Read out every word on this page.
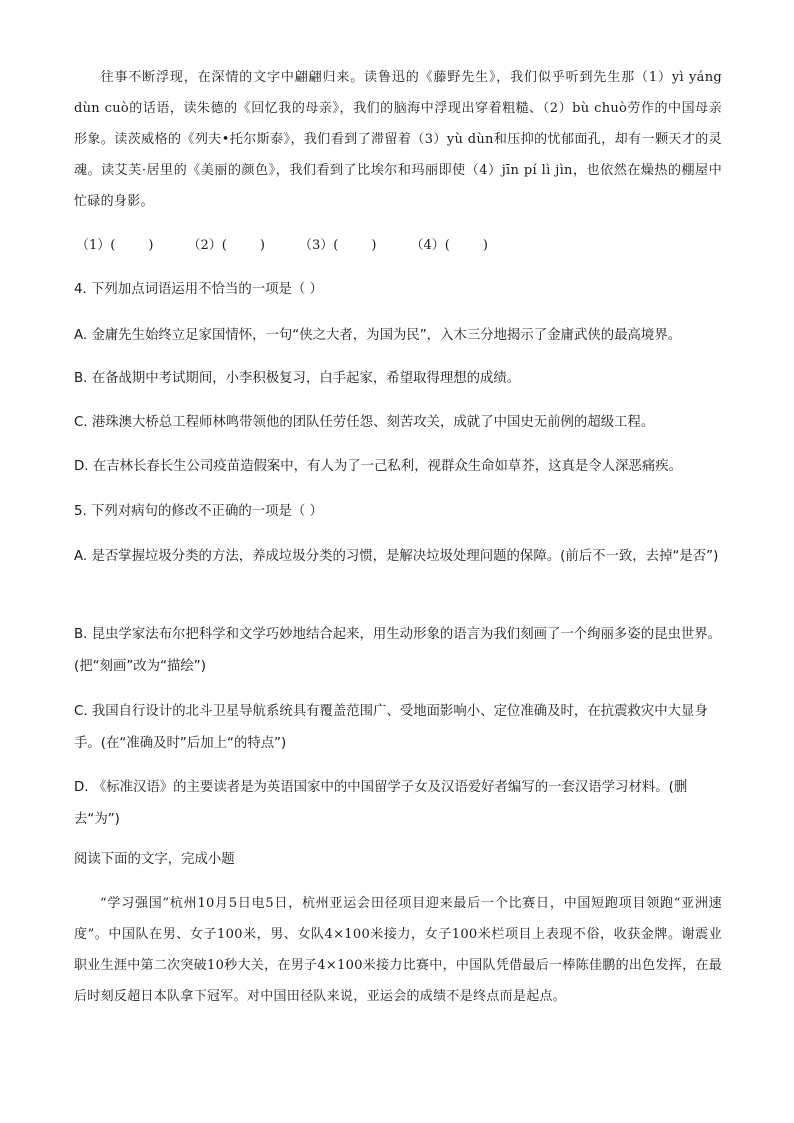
往事不断浮现，在深情的文字中翩翩归来。读鲁迅的《藤野先生》，我们似乎听到先生那（1）yì yáng dùn cuò的话语，读朱德的《回忆我的母亲》，我们的脑海中浮现出穿着粗糙、（2）bù chuò劳作的中国母亲形象。读茨威格的《列夫•托尔斯泰》，我们看到了滞留着（3）yù dùn和压抑的忧郁面孔，却有一颗天才的灵魂。读艾芙·居里的《美丽的颜色》，我们看到了比埃尔和玛丽即使（4）jīn pí lì jìn，也依然在燥热的棚屋中忙碌的身影。
（1）(        )	（2）(        )	（3）(        )	（4）(        )
4. 下列加点词语运用不恰当的一项是（ ）
A. 金庸先生始终立足家国情怀，一句“侠之大者，为国为民”，入木三分地揭示了金庸武侠的最高境界。
B. 在备战期中考试期间，小李积极复习，白手起家，希望取得理想的成绩。
C. 港珠澳大桥总工程师林鸣带领他的团队任劳任怨、刻苦攻关，成就了中国史无前例的超级工程。
D. 在吉林长春长生公司疫苗造假案中，有人为了一己私利，视群众生命如草芥，这真是令人深恶痛疾。
5. 下列对病句的修改不正确的一项是（ ）
A. 是否掌握垃圾分类的方法，养成垃圾分类的习惯，是解决垃圾处理问题的保障。(前后不一致，去掉“是否”)
B. 昆虫学家法布尔把科学和文学巧妙地结合起来，用生动形象的语言为我们刻画了一个绚丽多姿的昆虫世界。(把“刻画”改为“描绘”)
C. 我国自行设计的北斗卫星导航系统具有覆盖范围广、受地面影响小、定位准确及时，在抗震救灾中大显身手。(在“准确及时”后加上“的特点”)
D. 《标准汉语》的主要读者是为英语国家中的中国留学子女及汉语爱好者编写的一套汉语学习材料。(删去“为”)
阅读下面的文字，完成小题
“学习强国”杭州10月5日电5日，杭州亚运会田径项目迎来最后一个比赛日，中国短跑项目领跑“亚洲速度”。中国队在男、女子100米，男、女队4×100米接力，女子100米栏项目上表现不俗，收获金牌。谢震业职业生涯中第二次突破10秒大关，在男子4×100米接力比赛中，中国队凭借最后一棒陈佳鹏的出色发挥，在最后时刻反超日本队拿下冠军。对中国田径队来说，亚运会的成绩不是终点而是起点。
